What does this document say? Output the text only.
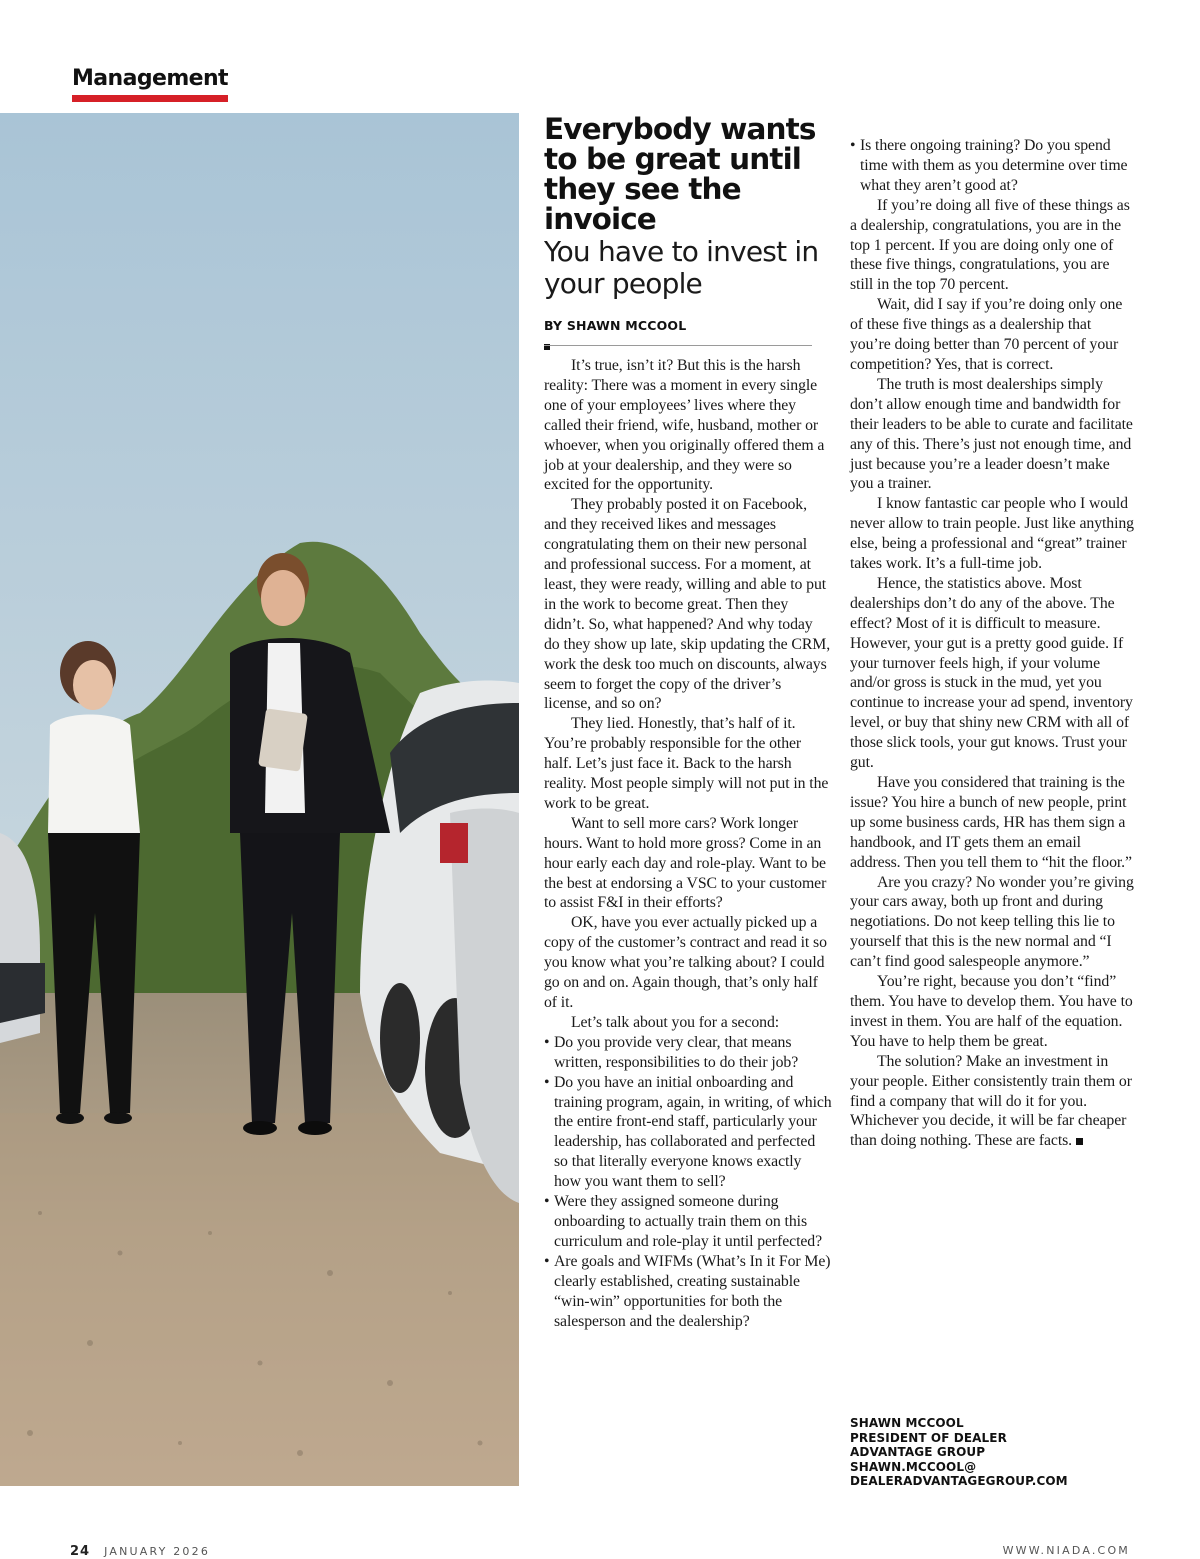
Management
Everybody wants to be great until they see the invoice
You have to invest in your people
BY SHAWN MCCOOL

It’s true, isn’t it? But this is the harsh reality: There was a moment in every single one of your employees’ lives where they called their friend, wife, husband, mother or whoever, when you originally offered them a job at your dealership, and they were so excited for the opportunity.

They probably posted it on Facebook, and they received likes and messages congratulating them on their new personal and professional success. For a moment, at least, they were ready, willing and able to put in the work to become great. Then they didn’t. So, what happened? And why today do they show up late, skip updating the CRM, work the desk too much on discounts, always seem to forget the copy of the driver’s license, and so on?

They lied. Honestly, that’s half of it. You’re probably responsible for the other half. Let’s just face it. Back to the harsh reality. Most people simply will not put in the work to be great.

Want to sell more cars? Work longer hours. Want to hold more gross? Come in an hour early each day and role-play. Want to be the best at endorsing a VSC to your customer to assist F&I in their efforts?

OK, have you ever actually picked up a copy of the customer’s contract and read it so you know what you’re talking about? I could go on and on. Again though, that’s only half of it.

Let’s talk about you for a second:

• Do you provide very clear, that means written, responsibilities to do their job?
• Do you have an initial onboarding and training program, again, in writing, of which the entire front-end staff, particularly your leadership, has collaborated and perfected so that literally everyone knows exactly how you want them to sell?
• Were they assigned someone during onboarding to actually train them on this curriculum and role-play it until perfected?
• Are goals and WIFMs (What’s In it For Me) clearly established, creating sustainable “win-win” opportunities for both the salesperson and the dealership?
• Is there ongoing training? Do you spend time with them as you determine over time what they aren’t good at?

If you’re doing all five of these things as a dealership, congratulations, you are in the top 1 percent. If you are doing only one of these five things, congratulations, you are still in the top 70 percent.

Wait, did I say if you’re doing only one of these five things as a dealership that you’re doing better than 70 percent of your competition? Yes, that is correct.

The truth is most dealerships simply don’t allow enough time and bandwidth for their leaders to be able to curate and facilitate any of this. There’s just not enough time, and just because you’re a leader doesn’t make you a trainer.

I know fantastic car people who I would never allow to train people. Just like anything else, being a professional and “great” trainer takes work. It’s a full-time job.

Hence, the statistics above. Most dealerships don’t do any of the above. The effect? Most of it is difficult to measure. However, your gut is a pretty good guide. If your turnover feels high, if your volume and/or gross is stuck in the mud, yet you continue to increase your ad spend, inventory level, or buy that shiny new CRM with all of those slick tools, your gut knows. Trust your gut.

Have you considered that training is the issue? You hire a bunch of new people, print up some business cards, HR has them sign a handbook, and IT gets them an email address. Then you tell them to “hit the floor.”

Are you crazy? No wonder you’re giving your cars away, both up front and during negotiations. Do not keep telling this lie to yourself that this is the new normal and “I can’t find good salespeople anymore.”

You’re right, because you don’t “find” them. You have to develop them. You have to invest in them. You are half of the equation. You have to help them be great.

The solution? Make an investment in your people. Either consistently train them or find a company that will do it for you. Whichever you decide, it will be far cheaper than doing nothing. These are facts.

SHAWN MCCOOL
PRESIDENT OF DEALER
ADVANTAGE GROUP
SHAWN.MCCOOL@
DEALERADVANTAGEGROUP.COM
24 JANUARY 2026	WWW.NIADA.COM
